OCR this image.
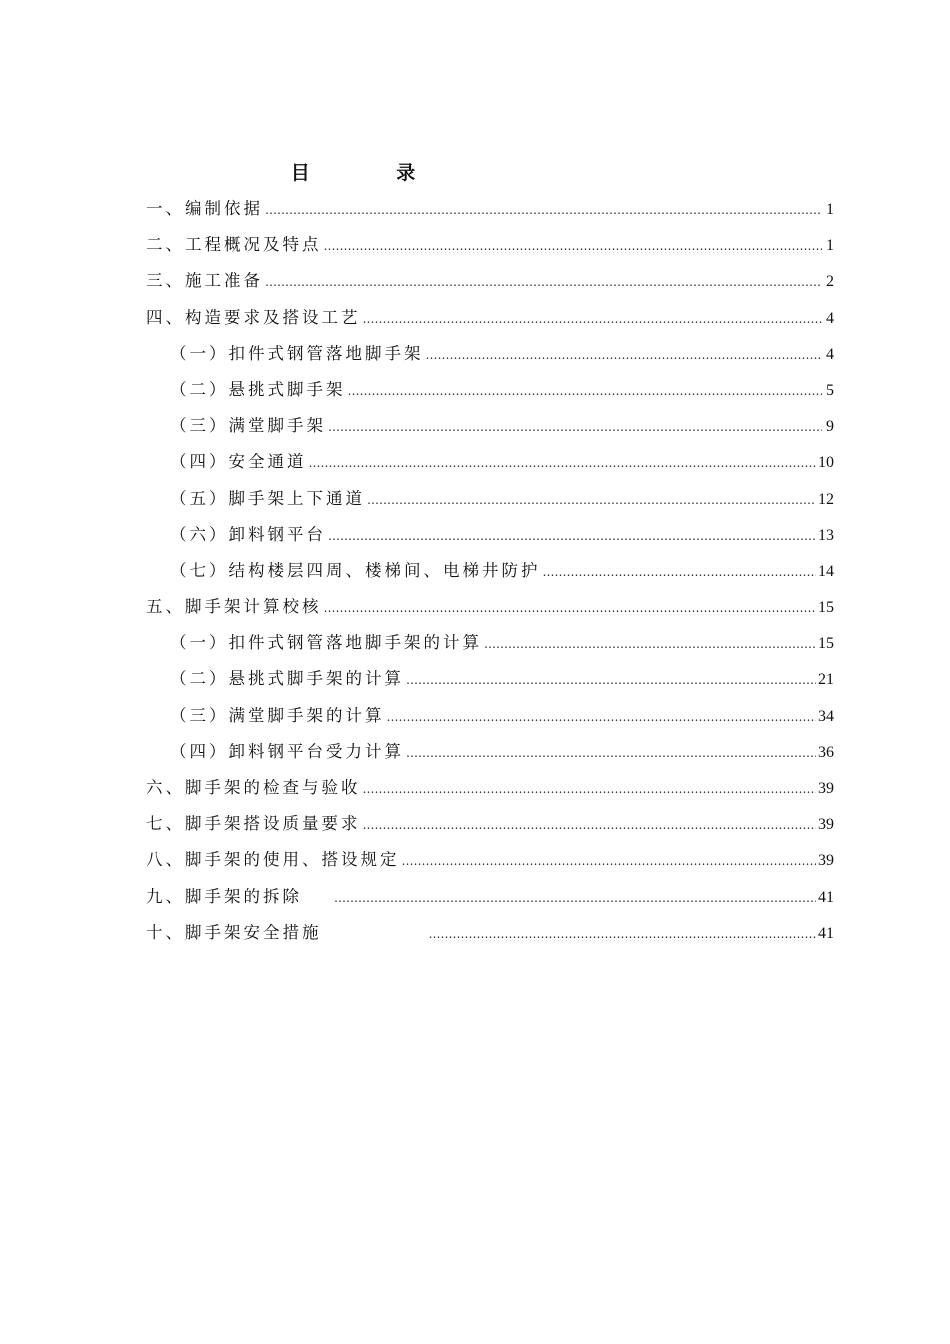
目 录
一、编制依据 …………………………………………………………………………………………………………………………………………………………………………………	1
二、工程概况及特点 …………………………………………………………………………………………………………………………………………………………………………………	1
三、施工准备 …………………………………………………………………………………………………………………………………………………………………………………	2
四、构造要求及搭设工艺 …………………………………………………………………………………………………………………………………………………………………………………	4
（一）扣件式钢管落地脚手架 …………………………………………………………………………………………………………………………………………………………………………………	4
（二）悬挑式脚手架 …………………………………………………………………………………………………………………………………………………………………………………	5
（三）满堂脚手架 …………………………………………………………………………………………………………………………………………………………………………………	9
（四）安全通道 …………………………………………………………………………………………………………………………………………………………………………………	10
（五）脚手架上下通道 …………………………………………………………………………………………………………………………………………………………………………………	12
（六）卸料钢平台 …………………………………………………………………………………………………………………………………………………………………………………	13
（七）结构楼层四周、楼梯间、电梯井防护 …………………………………………………………………………………………………………………………………………………………………………………	14
五、脚手架计算校核 …………………………………………………………………………………………………………………………………………………………………………………	15
（一）扣件式钢管落地脚手架的计算 …………………………………………………………………………………………………………………………………………………………………………………	15
（二）悬挑式脚手架的计算 …………………………………………………………………………………………………………………………………………………………………………………	21
（三）满堂脚手架的计算 …………………………………………………………………………………………………………………………………………………………………………………	34
（四）卸料钢平台受力计算 …………………………………………………………………………………………………………………………………………………………………………………	36
六、脚手架的检查与验收 …………………………………………………………………………………………………………………………………………………………………………………	39
七、脚手架搭设质量要求 …………………………………………………………………………………………………………………………………………………………………………………	39
八、脚手架的使用、搭设规定 …………………………………………………………………………………………………………………………………………………………………………………	39
九、脚手架的拆除 …………………………………………………………………………………………………………………………………………………………………………………	41
十、脚手架安全措施 …………………………………………………………………………………………………………………………………………………………………………………	41
